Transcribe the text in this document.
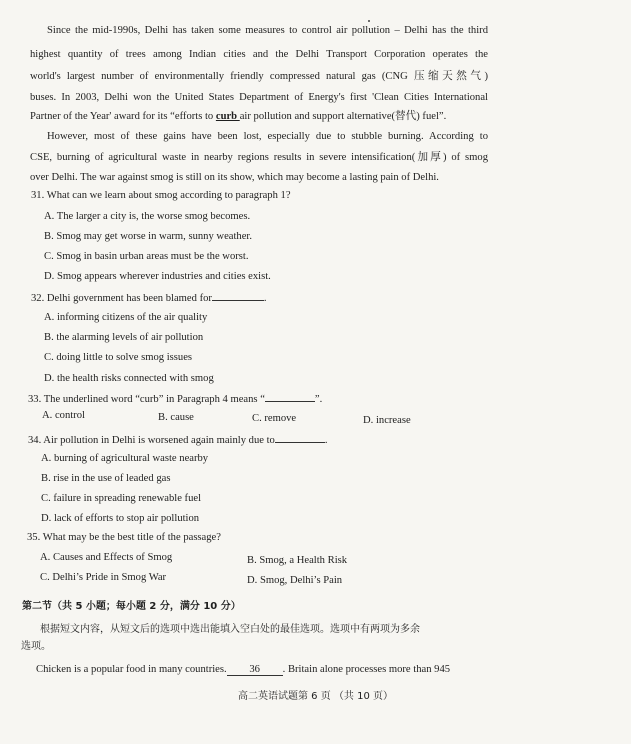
Since the mid-1990s, Delhi has taken some measures to control air pollution – Delhi has the third
highest quantity of trees among Indian cities and the Delhi Transport Corporation operates the
world's largest number of environmentally friendly compressed natural gas (CNG 压缩天然气)
buses. In 2003, Delhi won the United States Department of Energy's first 'Clean Cities International
Partner of the Year' award for its “efforts to curb air pollution and support alternative(替代) fuel”.
However, most of these gains have been lost, especially due to stubble burning. According to
CSE, burning of agricultural waste in nearby regions results in severe intensification(加厚) of smog
over Delhi. The war against smog is still on its show, which may become a lasting pain of Delhi.
31. What can we learn about smog according to paragraph 1?
A. The larger a city is, the worse smog becomes.
B. Smog may get worse in warm, sunny weather.
C. Smog in basin urban areas must be the worst.
D. Smog appears wherever industries and cities exist.
32. Delhi government has been blamed for	.
A. informing citizens of the air quality
B. the alarming levels of air pollution
C. doing little to solve smog issues
D. the health risks connected with smog
33. The underlined word “curb” in Paragraph 4 means “	”.
A. control	B. cause	C. remove	D. increase
34. Air pollution in Delhi is worsened again mainly due to	.
A. burning of agricultural waste nearby
B. rise in the use of leaded gas
C. failure in spreading renewable fuel
D. lack of efforts to stop air pollution
35. What may be the best title of the passage?
A. Causes and Effects of Smog	B. Smog, a Health Risk
C. Delhi’s Pride in Smog War	D. Smog, Delhi’s Pain
第二节（共 5 小题；每小题 2 分，满分 10 分）
根据短文内容，从短文后的选项中选出能填入空白处的最佳选项。选项中有两项为多余
选项。
Chicken is a popular food in many countries. 36 . Britain alone processes more than 945
高二英语试题第 6 页 （共 10 页）
